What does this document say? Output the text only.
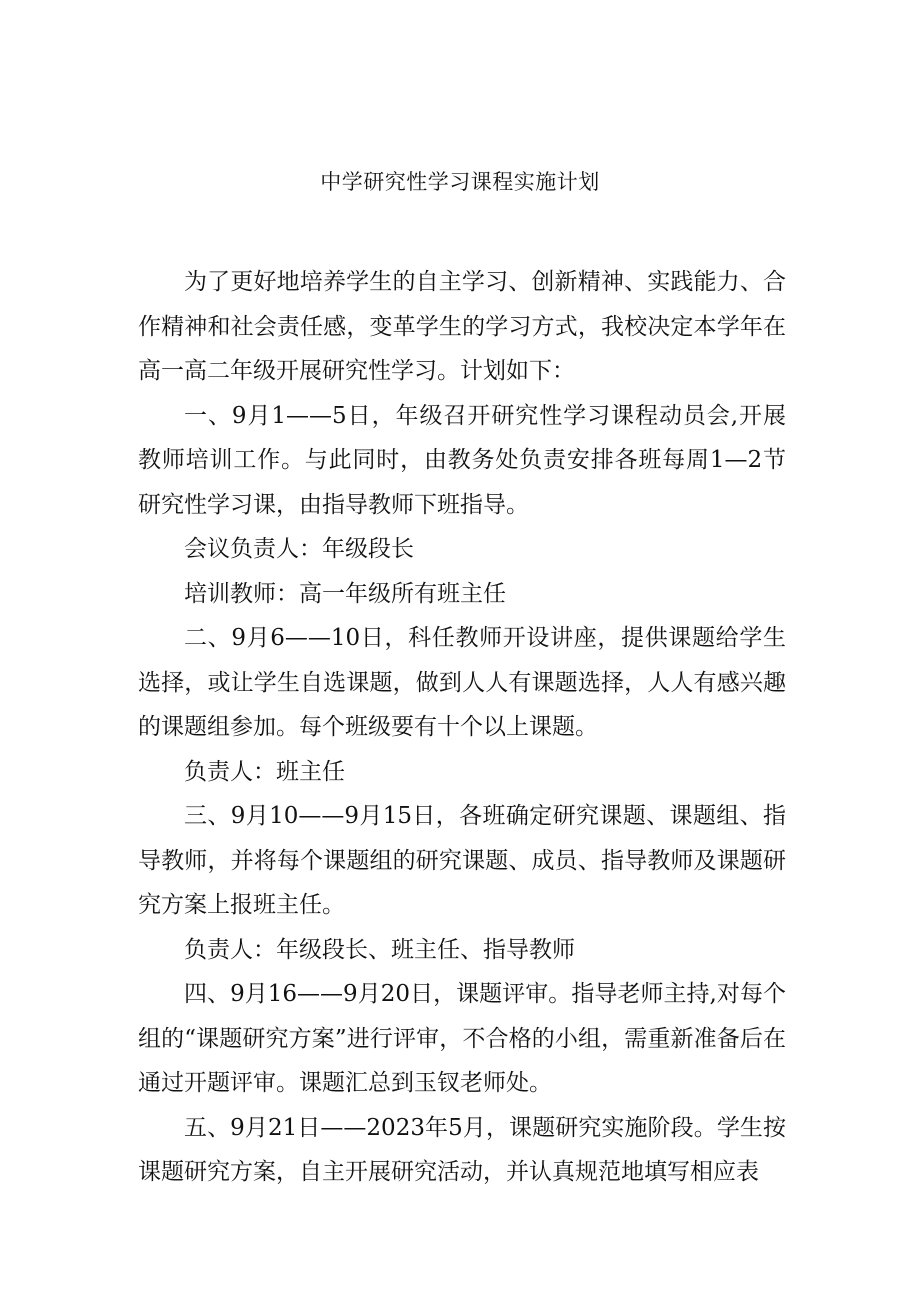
中学研究性学习课程实施计划

为了更好地培养学生的自主学习、创新精神、实践能力、合作精神和社会责任感，变革学生的学习方式，我校决定本学年在高一高二年级开展研究性学习。计划如下：

一、9月1——5日，年级召开研究性学习课程动员会,开展教师培训工作。与此同时，由教务处负责安排各班每周1—2节研究性学习课，由指导教师下班指导。

会议负责人：年级段长

培训教师：高一年级所有班主任

二、9月6——10日，科任教师开设讲座，提供课题给学生选择，或让学生自选课题，做到人人有课题选择，人人有感兴趣的课题组参加。每个班级要有十个以上课题。

负责人：班主任

三、9月10——9月15日，各班确定研究课题、课题组、指导教师，并将每个课题组的研究课题、成员、指导教师及课题研究方案上报班主任。

负责人：年级段长、班主任、指导教师

四、9月16——9月20日，课题评审。指导老师主持,对每个组的“课题研究方案”进行评审，不合格的小组，需重新准备后在通过开题评审。课题汇总到玉钗老师处。

五、9月21日——2023年5月，课题研究实施阶段。学生按课题研究方案，自主开展研究活动，并认真规范地填写相应表
